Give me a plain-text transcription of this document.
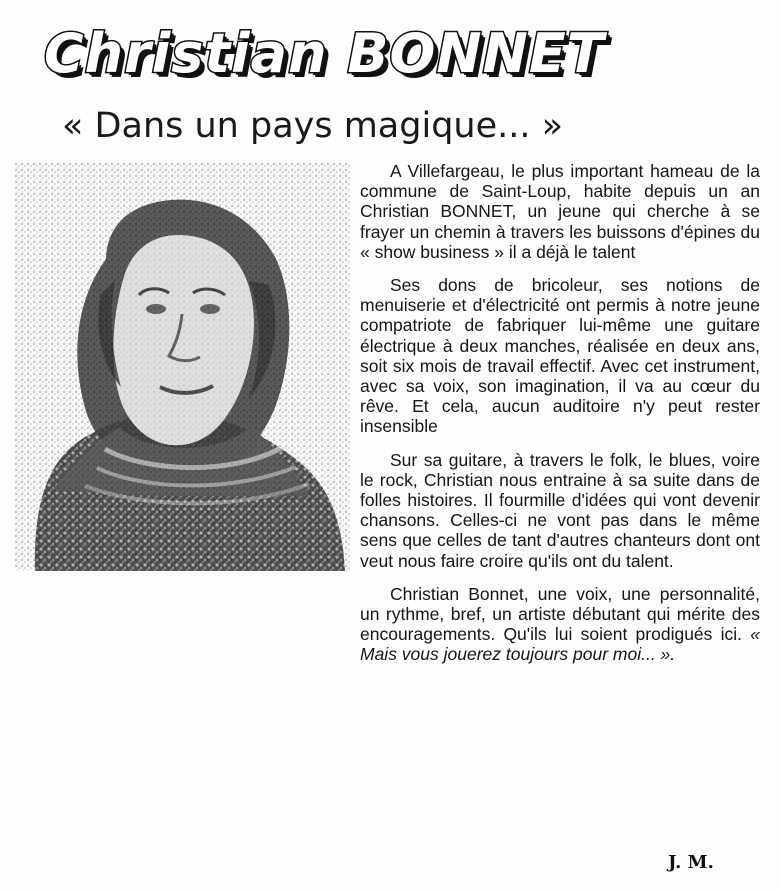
Christian BONNET
« Dans un pays magique... »

A Villefargeau, le plus important hameau de la commune de Saint-Loup, habite depuis un an Christian BONNET, un jeune qui cherche à se frayer un chemin à travers les buissons d'épines du « show business » il a déjà le talent

Ses dons de bricoleur, ses notions de menuiserie et d'électricité ont permis à notre jeune compatriote de fabriquer lui-même une guitare électrique à deux manches, réalisée en deux ans, soit six mois de travail effectif. Avec cet instrument, avec sa voix, son imagination, il va au cœur du rêve. Et cela, aucun auditoire n'y peut rester insensible

Sur sa guitare, à travers le folk, le blues, voire le rock, Christian nous entraine à sa suite dans de folles histoires. Il fourmille d'idées qui vont devenir chansons. Celles-ci ne vont pas dans le même sens que celles de tant d'autres chanteurs dont ont veut nous faire croire qu'ils ont du talent.

Christian Bonnet, une voix, une personnalité, un rythme, bref, un artiste débutant qui mérite des encouragements. Qu'ils lui soient prodigués ici. « Mais vous jouerez toujours pour moi... ».

J. M.
